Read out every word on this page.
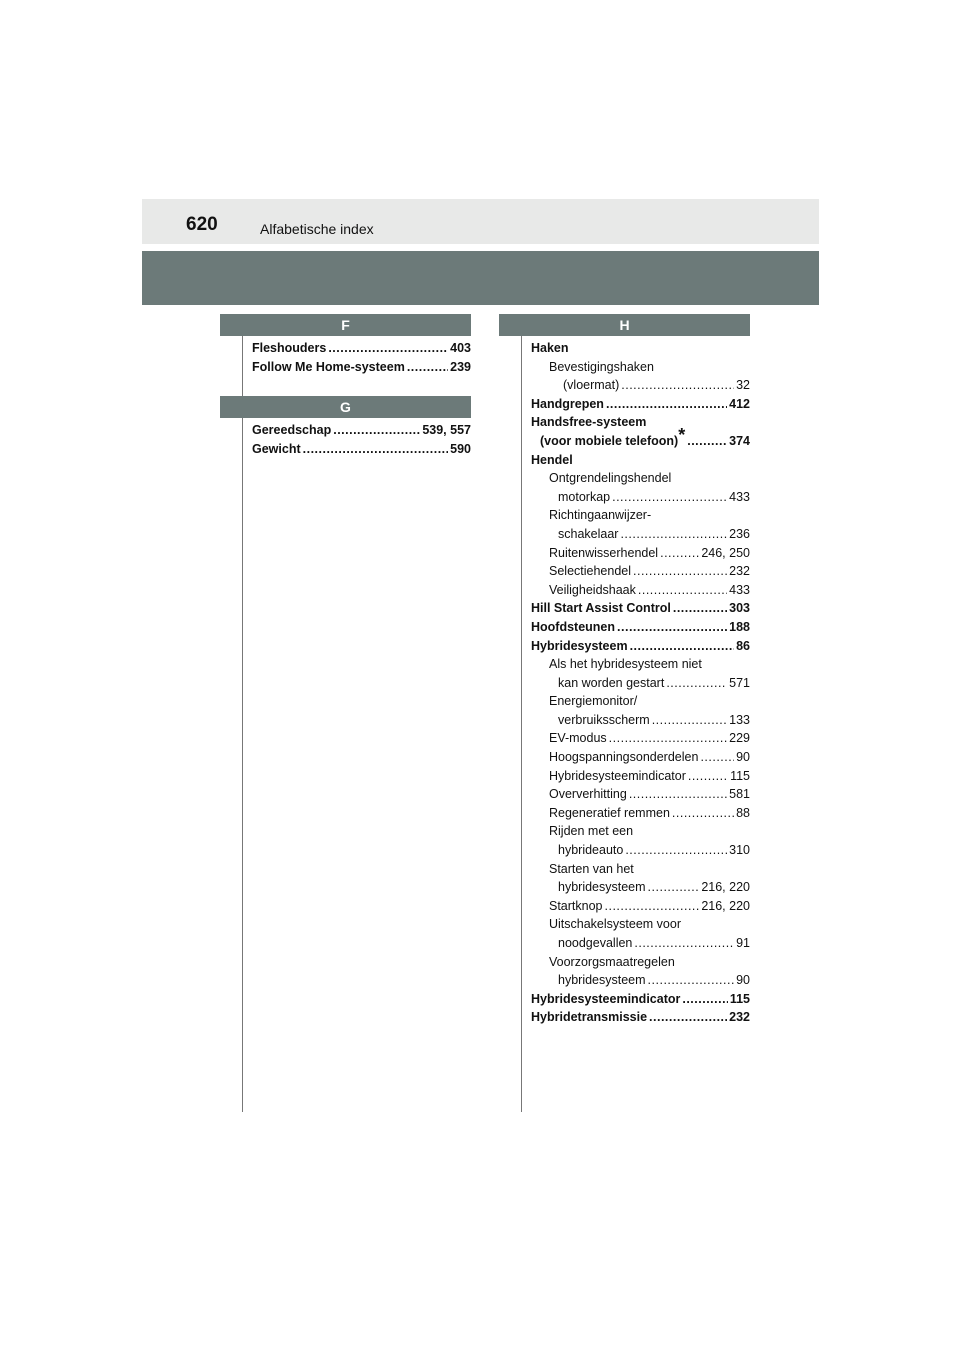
620	Alfabetische index
F
Fleshouders .....	403
Follow Me Home-systeem .....	239
G
Gereedschap .....	539, 557
Gewicht .....	590
H
Haken
Bevestigingshaken
(vloermat) .....	32
Handgrepen .....	412
Handsfree-systeem
(voor mobiele telefoon)* .....	374
Hendel
Ontgrendelingshendel
motorkap .....	433
Richtingaanwijzer-
schakelaar .....	236
Ruitenwisserhendel .....	246, 250
Selectiehendel .....	232
Veiligheidshaak .....	433
Hill Start Assist Control .....	303
Hoofdsteunen .....	188
Hybridesysteem .....	86
Als het hybridesysteem niet
kan worden gestart .....	571
Energiemonitor/
verbruiksscherm .....	133
EV-modus .....	229
Hoogspanningsonderdelen .....	90
Hybridesysteemindicator .....	115
Oververhitting .....	581
Regeneratief remmen .....	88
Rijden met een
hybrideauto .....	310
Starten van het
hybridesysteem .....	216, 220
Startknop .....	216, 220
Uitschakelsysteem voor
noodgevallen .....	91
Voorzorgsmaatregelen
hybridesysteem .....	90
Hybridesysteemindicator .....	115
Hybridetransmissie .....	232
